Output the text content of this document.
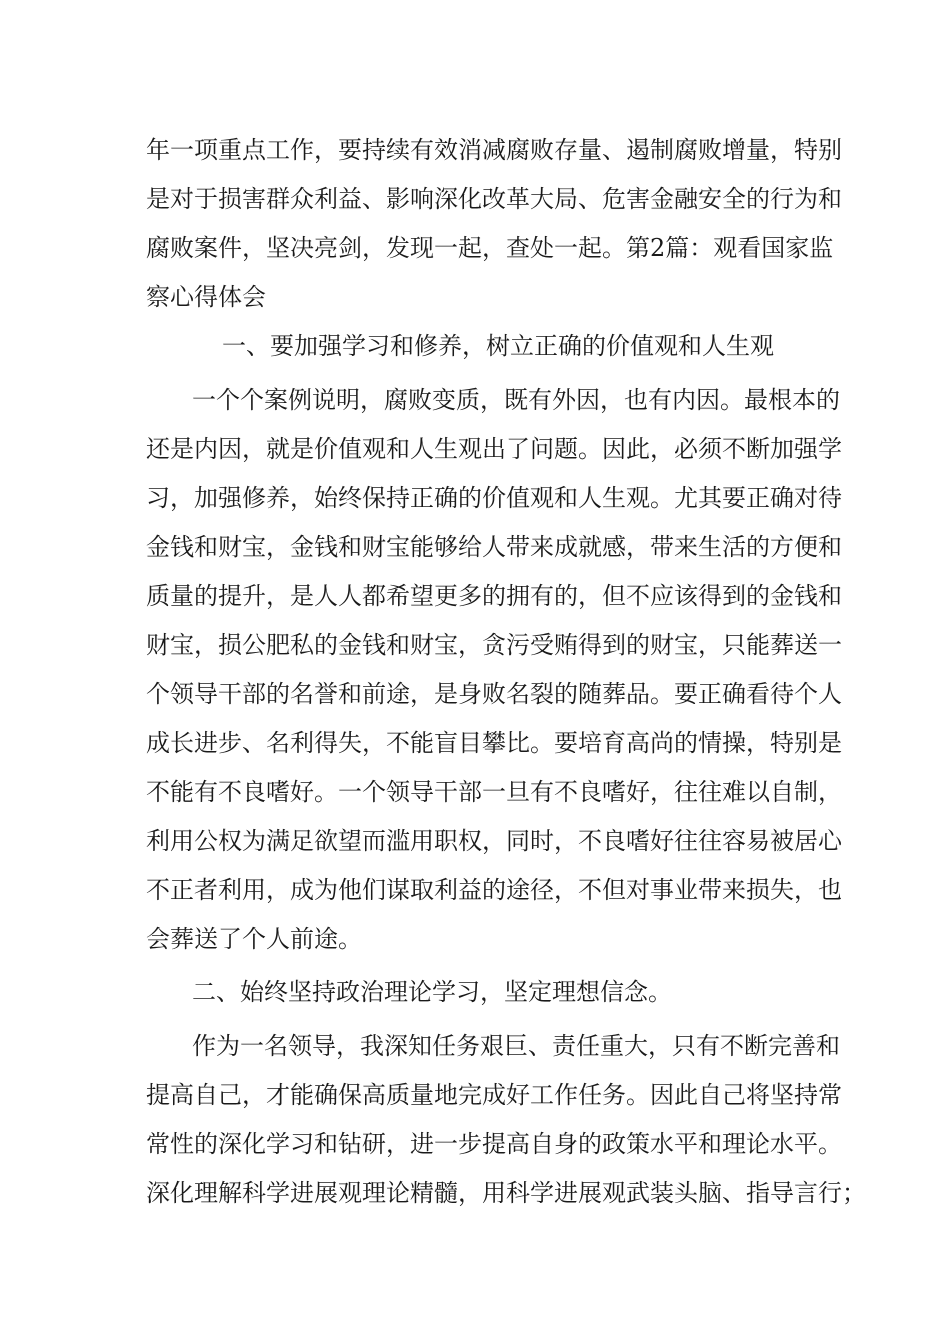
年一项重点工作，要持续有效消减腐败存量、遏制腐败增量，特别
是对于损害群众利益、影响深化改革大局、危害金融安全的行为和
腐败案件，坚决亮剑，发现一起，查处一起。第2篇：观看国家监
察心得体会
一、要加强学习和修养，树立正确的价值观和人生观
一个个案例说明，腐败变质，既有外因，也有内因。最根本的
还是内因，就是价值观和人生观出了问题。因此，必须不断加强学
习，加强修养，始终保持正确的价值观和人生观。尤其要正确对待
金钱和财宝，金钱和财宝能够给人带来成就感，带来生活的方便和
质量的提升，是人人都希望更多的拥有的，但不应该得到的金钱和
财宝，损公肥私的金钱和财宝，贪污受贿得到的财宝，只能葬送一
个领导干部的名誉和前途，是身败名裂的随葬品。要正确看待个人
成长进步、名利得失，不能盲目攀比。要培育高尚的情操，特别是
不能有不良嗜好。一个领导干部一旦有不良嗜好，往往难以自制，
利用公权为满足欲望而滥用职权，同时，不良嗜好往往容易被居心
不正者利用，成为他们谋取利益的途径，不但对事业带来损失，也
会葬送了个人前途。
二、始终坚持政治理论学习，坚定理想信念。
作为一名领导，我深知任务艰巨、责任重大，只有不断完善和
提高自己，才能确保高质量地完成好工作任务。因此自己将坚持常
常性的深化学习和钻研，进一步提高自身的政策水平和理论水平。
深化理解科学进展观理论精髓，用科学进展观武装头脑、指导言行；
